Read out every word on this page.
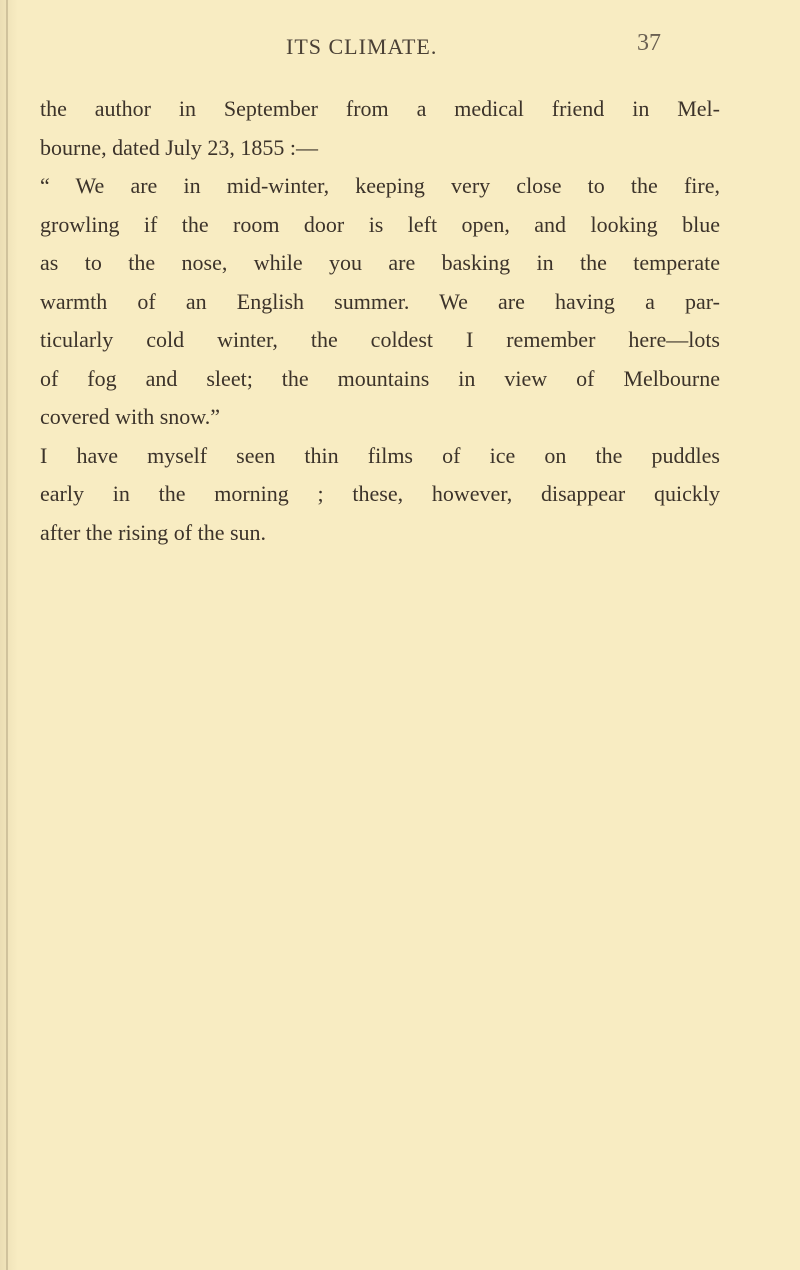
ITS CLIMATE.	37
the author in September from a medical friend in Mel-
bourne, dated July 23, 1855 :—
“ We are in mid-winter, keeping very close to the fire,
growling if the room door is left open, and looking blue
as to the nose, while you are basking in the temperate
warmth of an English summer. We are having a par-
ticularly cold winter, the coldest I remember here—lots
of fog and sleet; the mountains in view of Melbourne
covered with snow.”
I have myself seen thin films of ice on the puddles
early in the morning ; these, however, disappear quickly
after the rising of the sun.
